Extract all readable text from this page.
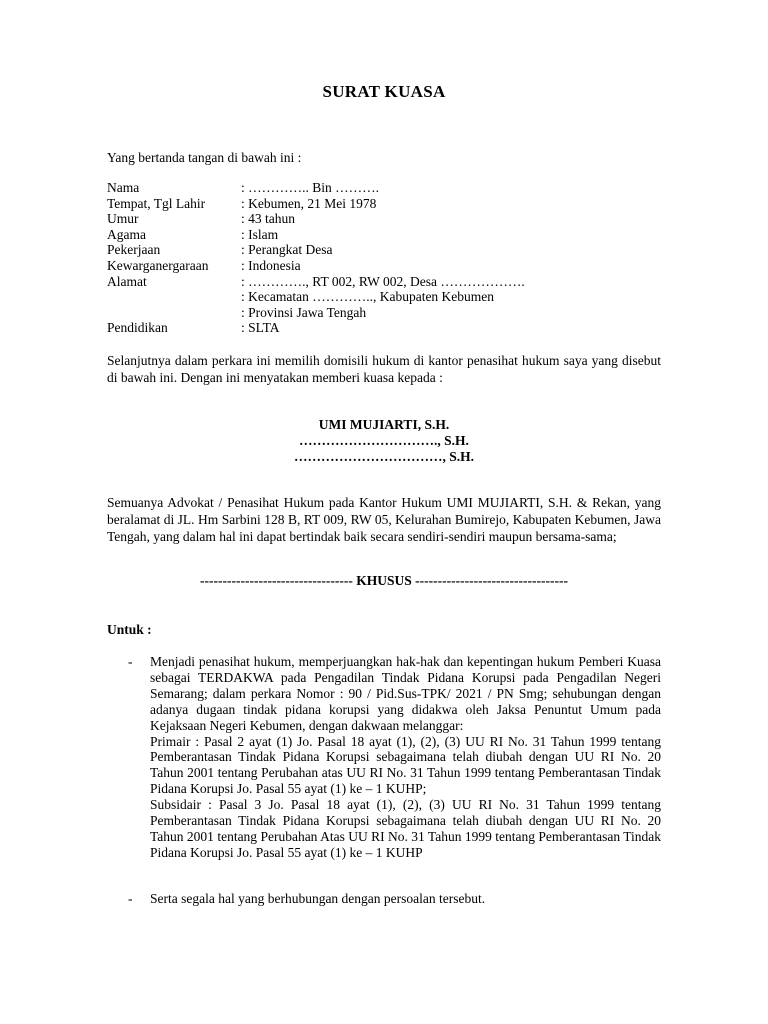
SURAT KUASA
Yang bertanda tangan di bawah ini :
Nama	: ………….. Bin ……….
Tempat, Tgl Lahir	: Kebumen, 21 Mei 1978
Umur	: 43 tahun
Agama	: Islam
Pekerjaan	: Perangkat Desa
Kewarganergaraan	: Indonesia
Alamat	: …………., RT 002, RW 002, Desa ……………….
: Kecamatan ………….., Kabupaten Kebumen
: Provinsi Jawa Tengah
Pendidikan	: SLTA
Selanjutnya dalam perkara ini memilih domisili hukum di kantor penasihat hukum saya yang disebut di bawah ini. Dengan ini menyatakan memberi kuasa kepada :
UMI MUJIARTI, S.H.
…………………………., S.H.
……………………………, S.H.
Semuanya Advokat / Penasihat Hukum pada Kantor Hukum UMI MUJIARTI, S.H. & Rekan, yang beralamat di JL. Hm Sarbini 128 B, RT 009, RW 05, Kelurahan Bumirejo, Kabupaten Kebumen, Jawa Tengah, yang dalam hal ini dapat bertindak baik secara sendiri-sendiri maupun bersama-sama;
---------------------------------- KHUSUS ----------------------------------
Untuk :
- Menjadi penasihat hukum, memperjuangkan hak-hak dan kepentingan hukum Pemberi Kuasa sebagai TERDAKWA pada Pengadilan Tindak Pidana Korupsi pada Pengadilan Negeri Semarang; dalam perkara Nomor : 90 / Pid.Sus-TPK/ 2021 / PN Smg; sehubungan dengan adanya dugaan tindak pidana korupsi yang didakwa oleh Jaksa Penuntut Umum pada Kejaksaan Negeri Kebumen, dengan dakwaan melanggar:

Primair : Pasal 2 ayat (1) Jo. Pasal 18 ayat (1), (2), (3) UU RI No. 31 Tahun 1999 tentang Pemberantasan Tindak Pidana Korupsi sebagaimana telah diubah dengan UU RI No. 20 Tahun 2001 tentang Perubahan atas UU RI No. 31 Tahun 1999 tentang Pemberantasan Tindak Pidana Korupsi Jo. Pasal 55 ayat (1) ke – 1 KUHP;

Subsidair : Pasal 3 Jo. Pasal 18 ayat (1), (2), (3) UU RI No. 31 Tahun 1999 tentang Pemberantasan Tindak Pidana Korupsi sebagaimana telah diubah dengan UU RI No. 20 Tahun 2001 tentang Perubahan Atas UU RI No. 31 Tahun 1999 tentang Pemberantasan Tindak Pidana Korupsi Jo. Pasal 55 ayat (1) ke – 1 KUHP

- Serta segala hal yang berhubungan dengan persoalan tersebut.
